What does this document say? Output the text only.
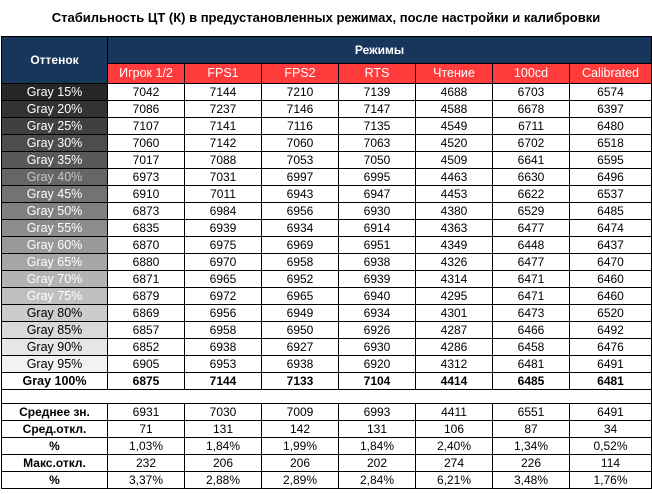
Стабильность ЦТ (К) в предустановленных режимах, после настройки и калибровки
Оттенок	Режимы						
	Игрок 1/2	FPS1	FPS2	RTS	Чтение	100cd	Calibrated
Gray 15%	7042	7144	7210	7139	4688	6703	6574
Gray 20%	7086	7237	7146	7147	4588	6678	6397
Gray 25%	7107	7141	7116	7135	4549	6711	6480
Gray 30%	7060	7142	7060	7063	4520	6702	6518
Gray 35%	7017	7088	7053	7050	4509	6641	6595
Gray 40%	6973	7031	6997	6995	4463	6630	6496
Gray 45%	6910	7011	6943	6947	4453	6622	6537
Gray 50%	6873	6984	6956	6930	4380	6529	6485
Gray 55%	6835	6939	6934	6914	4363	6477	6474
Gray 60%	6870	6975	6969	6951	4349	6448	6437
Gray 65%	6880	6970	6958	6938	4326	6477	6470
Gray 70%	6871	6965	6952	6939	4314	6471	6460
Gray 75%	6879	6972	6965	6940	4295	6471	6460
Gray 80%	6869	6956	6949	6934	4301	6473	6520
Gray 85%	6857	6958	6950	6926	4287	6466	6492
Gray 90%	6852	6938	6927	6930	4286	6458	6476
Gray 95%	6905	6953	6938	6920	4312	6481	6491
Gray 100%	6875	7144	7133	7104	4414	6485	6481

Среднее зн.	6931	7030	7009	6993	4411	6551	6491
Сред.откл.	71	131	142	131	106	87	34
%	1,03%	1,84%	1,99%	1,84%	2,40%	1,34%	0,52%
Макс.откл.	232	206	206	202	274	226	114
%	3,37%	2,88%	2,89%	2,84%	6,21%	3,48%	1,76%
